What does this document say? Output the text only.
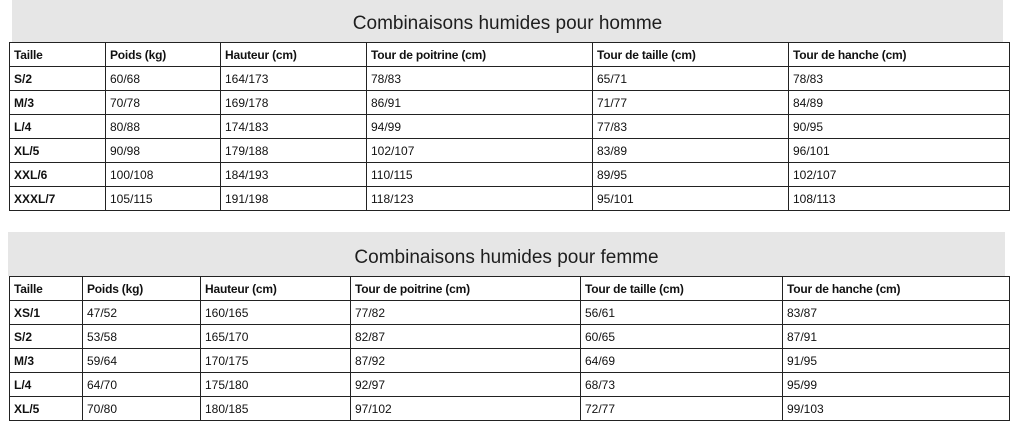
Combinaisons humides pour homme
Taille	Poids (kg)	Hauteur (cm)	Tour de poitrine (cm)	Tour de taille (cm)	Tour de hanche (cm)
S/2	60/68	164/173	78/83	65/71	78/83
M/3	70/78	169/178	86/91	71/77	84/89
L/4	80/88	174/183	94/99	77/83	90/95
XL/5	90/98	179/188	102/107	83/89	96/101
XXL/6	100/108	184/193	110/115	89/95	102/107
XXXL/7	105/115	191/198	118/123	95/101	108/113
Combinaisons humides pour femme
Taille	Poids (kg)	Hauteur (cm)	Tour de poitrine (cm)	Tour de taille (cm)	Tour de hanche (cm)
XS/1	47/52	160/165	77/82	56/61	83/87
S/2	53/58	165/170	82/87	60/65	87/91
M/3	59/64	170/175	87/92	64/69	91/95
L/4	64/70	175/180	92/97	68/73	95/99
XL/5	70/80	180/185	97/102	72/77	99/103
